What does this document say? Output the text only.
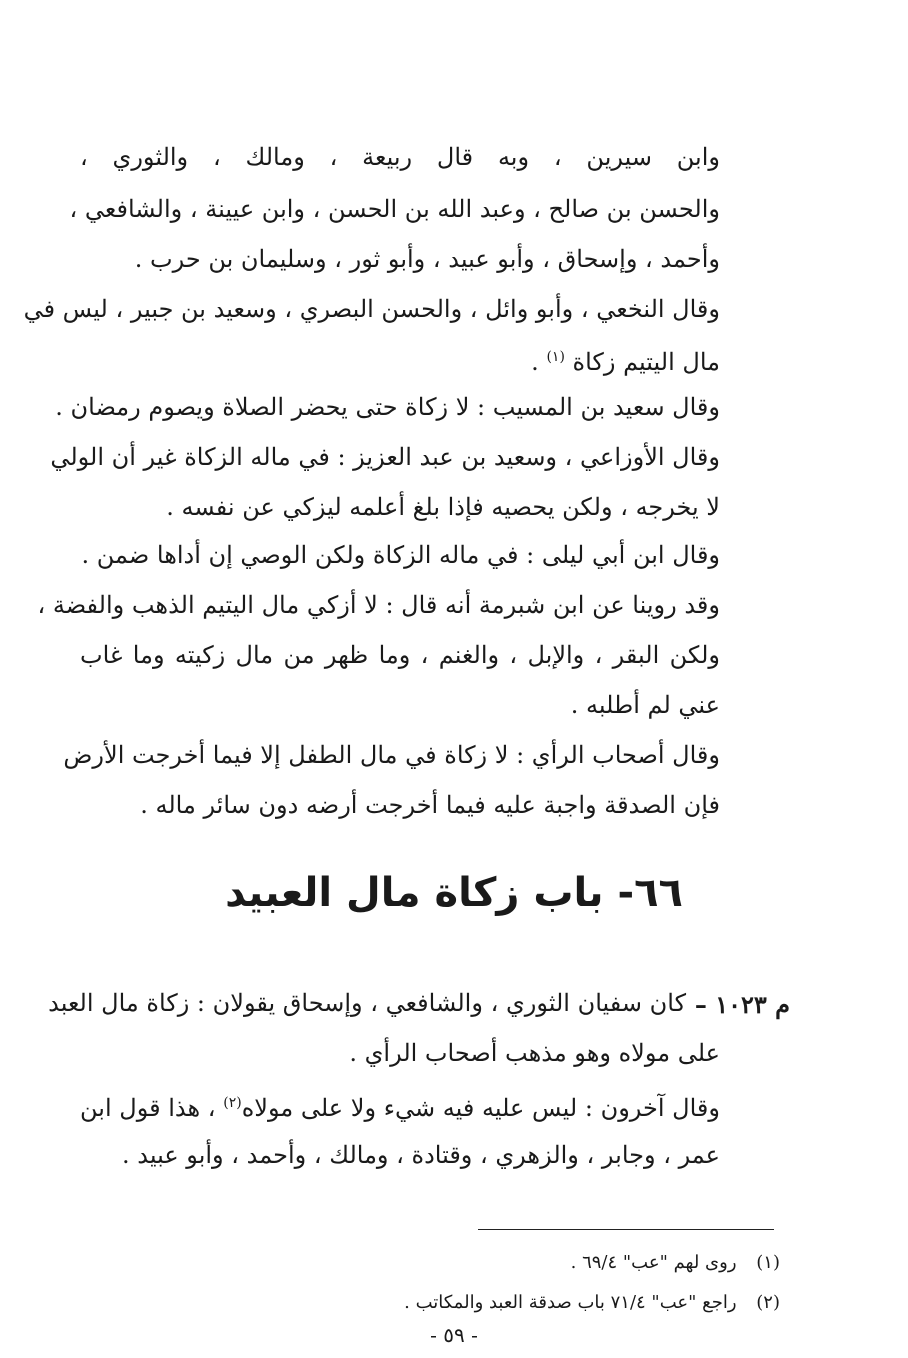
وابن سيرين ، وبه قال ربيعة ، ومالك ، والثوري ،
والحسن بن صالح ، وعبد الله بن الحسن ، وابن عيينة ، والشافعي ،
وأحمد ، وإسحاق ، وأبو عبيد ، وأبو ثور ، وسليمان بن حرب .
وقال النخعي ، وأبو وائل ، والحسن البصري ، وسعيد بن جبير ، ليس في
مال اليتيم زكاة $^{(١)}$ .
وقال سعيد بن المسيب : لا زكاة حتى يحضر الصلاة ويصوم رمضان .
وقال الأوزاعي ، وسعيد بن عبد العزيز : في ماله الزكاة غير أن الولي
لا يخرجه ، ولكن يحصيه فإذا بلغ أعلمه ليزكي عن نفسه .
وقال ابن أبي ليلى : في ماله الزكاة ولكن الوصي إن أداها ضمن .
وقد روينا عن ابن شبرمة أنه قال : لا أزكي مال اليتيم الذهب والفضة ،
ولكن البقر ، والإبل ، والغنم ، وما ظهر من مال زكيته وما غاب
عني لم أطلبه .
وقال أصحاب الرأي : لا زكاة في مال الطفل إلا فيما أخرجت الأرض
فإن الصدقة واجبة عليه فيما أخرجت أرضه دون سائر ماله .
٦٦- باب زكاة مال العبيد
م ١٠٢٣ –
كان سفيان الثوري ، والشافعي ، وإسحاق يقولان : زكاة مال العبد
على مولاه وهو مذهب أصحاب الرأي .
وقال آخرون : ليس عليه فيه شيء ولا على مولاه$^{(٢)}$ ، هذا قول ابن
عمر ، وجابر ، والزهري ، وقتادة ، ومالك ، وأحمد ، وأبو عبيد .
(١) روى لهم "عب" ٦٩/٤ .
(٢) راجع "عب" ٧١/٤ باب صدقة العبد والمكاتب .
- ٥٩ -
